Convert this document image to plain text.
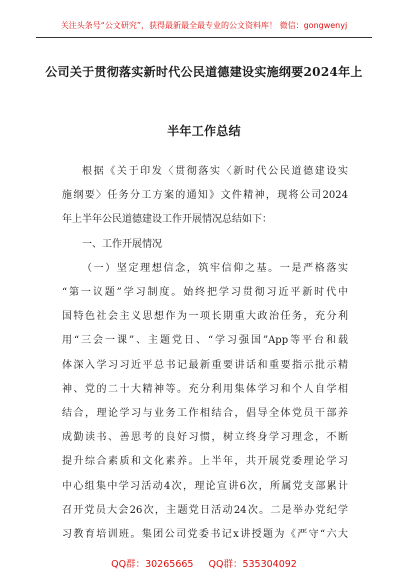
关注头条号“公文研究”，获得最新最全最专业的公文资料库！ 微信：gongwenyj
公司关于贯彻落实新时代公民道德建设实施纲要2024年上
半年工作总结
根据《关于印发〈贯彻落实〈新时代公民道德建设实
施纲要〉任务分工方案的通知》文件精神，现将公司2024
年上半年公民道德建设工作开展情况总结如下：
一、工作开展情况
（一）坚定理想信念，筑牢信仰之基。一是严格落实
“第一议题”学习制度。始终把学习贯彻习近平新时代中
国特色社会主义思想作为一项长期重大政治任务，充分利
用“三会一课”、主题党日、“学习强国”App等平台和载
体深入学习习近平总书记最新重要讲话和重要指示批示精
神、党的二十大精神等。充分利用集体学习和个人自学相
结合，理论学习与业务工作相结合，倡导全体党员干部养
成勤读书、善思考的良好习惯，树立终身学习理念，不断
提升综合素质和文化素养。上半年，共开展党委理论学习
中心组集中学习活动4次，理论宣讲6次，所属党支部累计
召开党员大会26次，主题党日活动24次。二是举办党纪学
习教育培训班。集团公司党委书记x讲授题为《严守“六大
QQ群：30265665 QQ群：535304092
